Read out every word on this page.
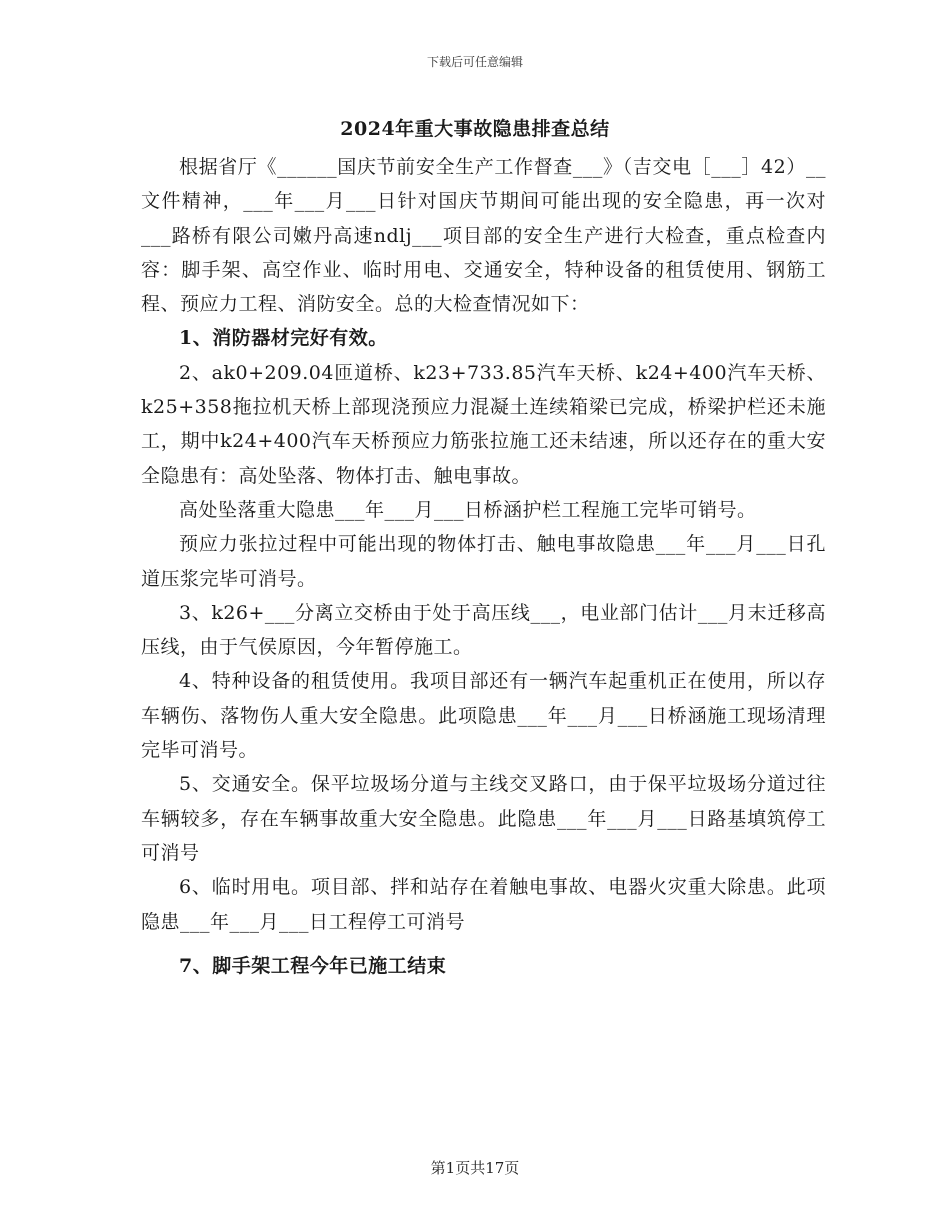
下载后可任意编辑
2024年重大事故隐患排查总结

根据省厅《______国庆节前安全生产工作督查___》（吉交电［___］42）__文件精神，___年___月___日针对国庆节期间可能出现的安全隐患，再一次对___路桥有限公司嫩丹高速ndlj___项目部的安全生产进行大检查，重点检查内容：脚手架、高空作业、临时用电、交通安全，特种设备的租赁使用、钢筋工程、预应力工程、消防安全。总的大检查情况如下：

1、消防器材完好有效。

2、ak0+209.04匝道桥、k23+733.85汽车天桥、k24+400汽车天桥、k25+358拖拉机天桥上部现浇预应力混凝土连续箱梁已完成，桥梁护栏还未施工，期中k24+400汽车天桥预应力筋张拉施工还未结速，所以还存在的重大安全隐患有：高处坠落、物体打击、触电事故。

高处坠落重大隐患___年___月___日桥涵护栏工程施工完毕可销号。

预应力张拉过程中可能出现的物体打击、触电事故隐患___年___月___日孔道压浆完毕可消号。

3、k26+___分离立交桥由于处于高压线___，电业部门估计___月末迁移高压线，由于气侯原因，今年暂停施工。

4、特种设备的租赁使用。我项目部还有一辆汽车起重机正在使用，所以存车辆伤、落物伤人重大安全隐患。此项隐患___年___月___日桥涵施工现场清理完毕可消号。

5、交通安全。保平垃圾场分道与主线交叉路口，由于保平垃圾场分道过往车辆较多，存在车辆事故重大安全隐患。此隐患___年___月___日路基填筑停工可消号

6、临时用电。项目部、拌和站存在着触电事故、电器火灾重大除患。此项隐患___年___月___日工程停工可消号

7、脚手架工程今年已施工结束

第1页共17页
